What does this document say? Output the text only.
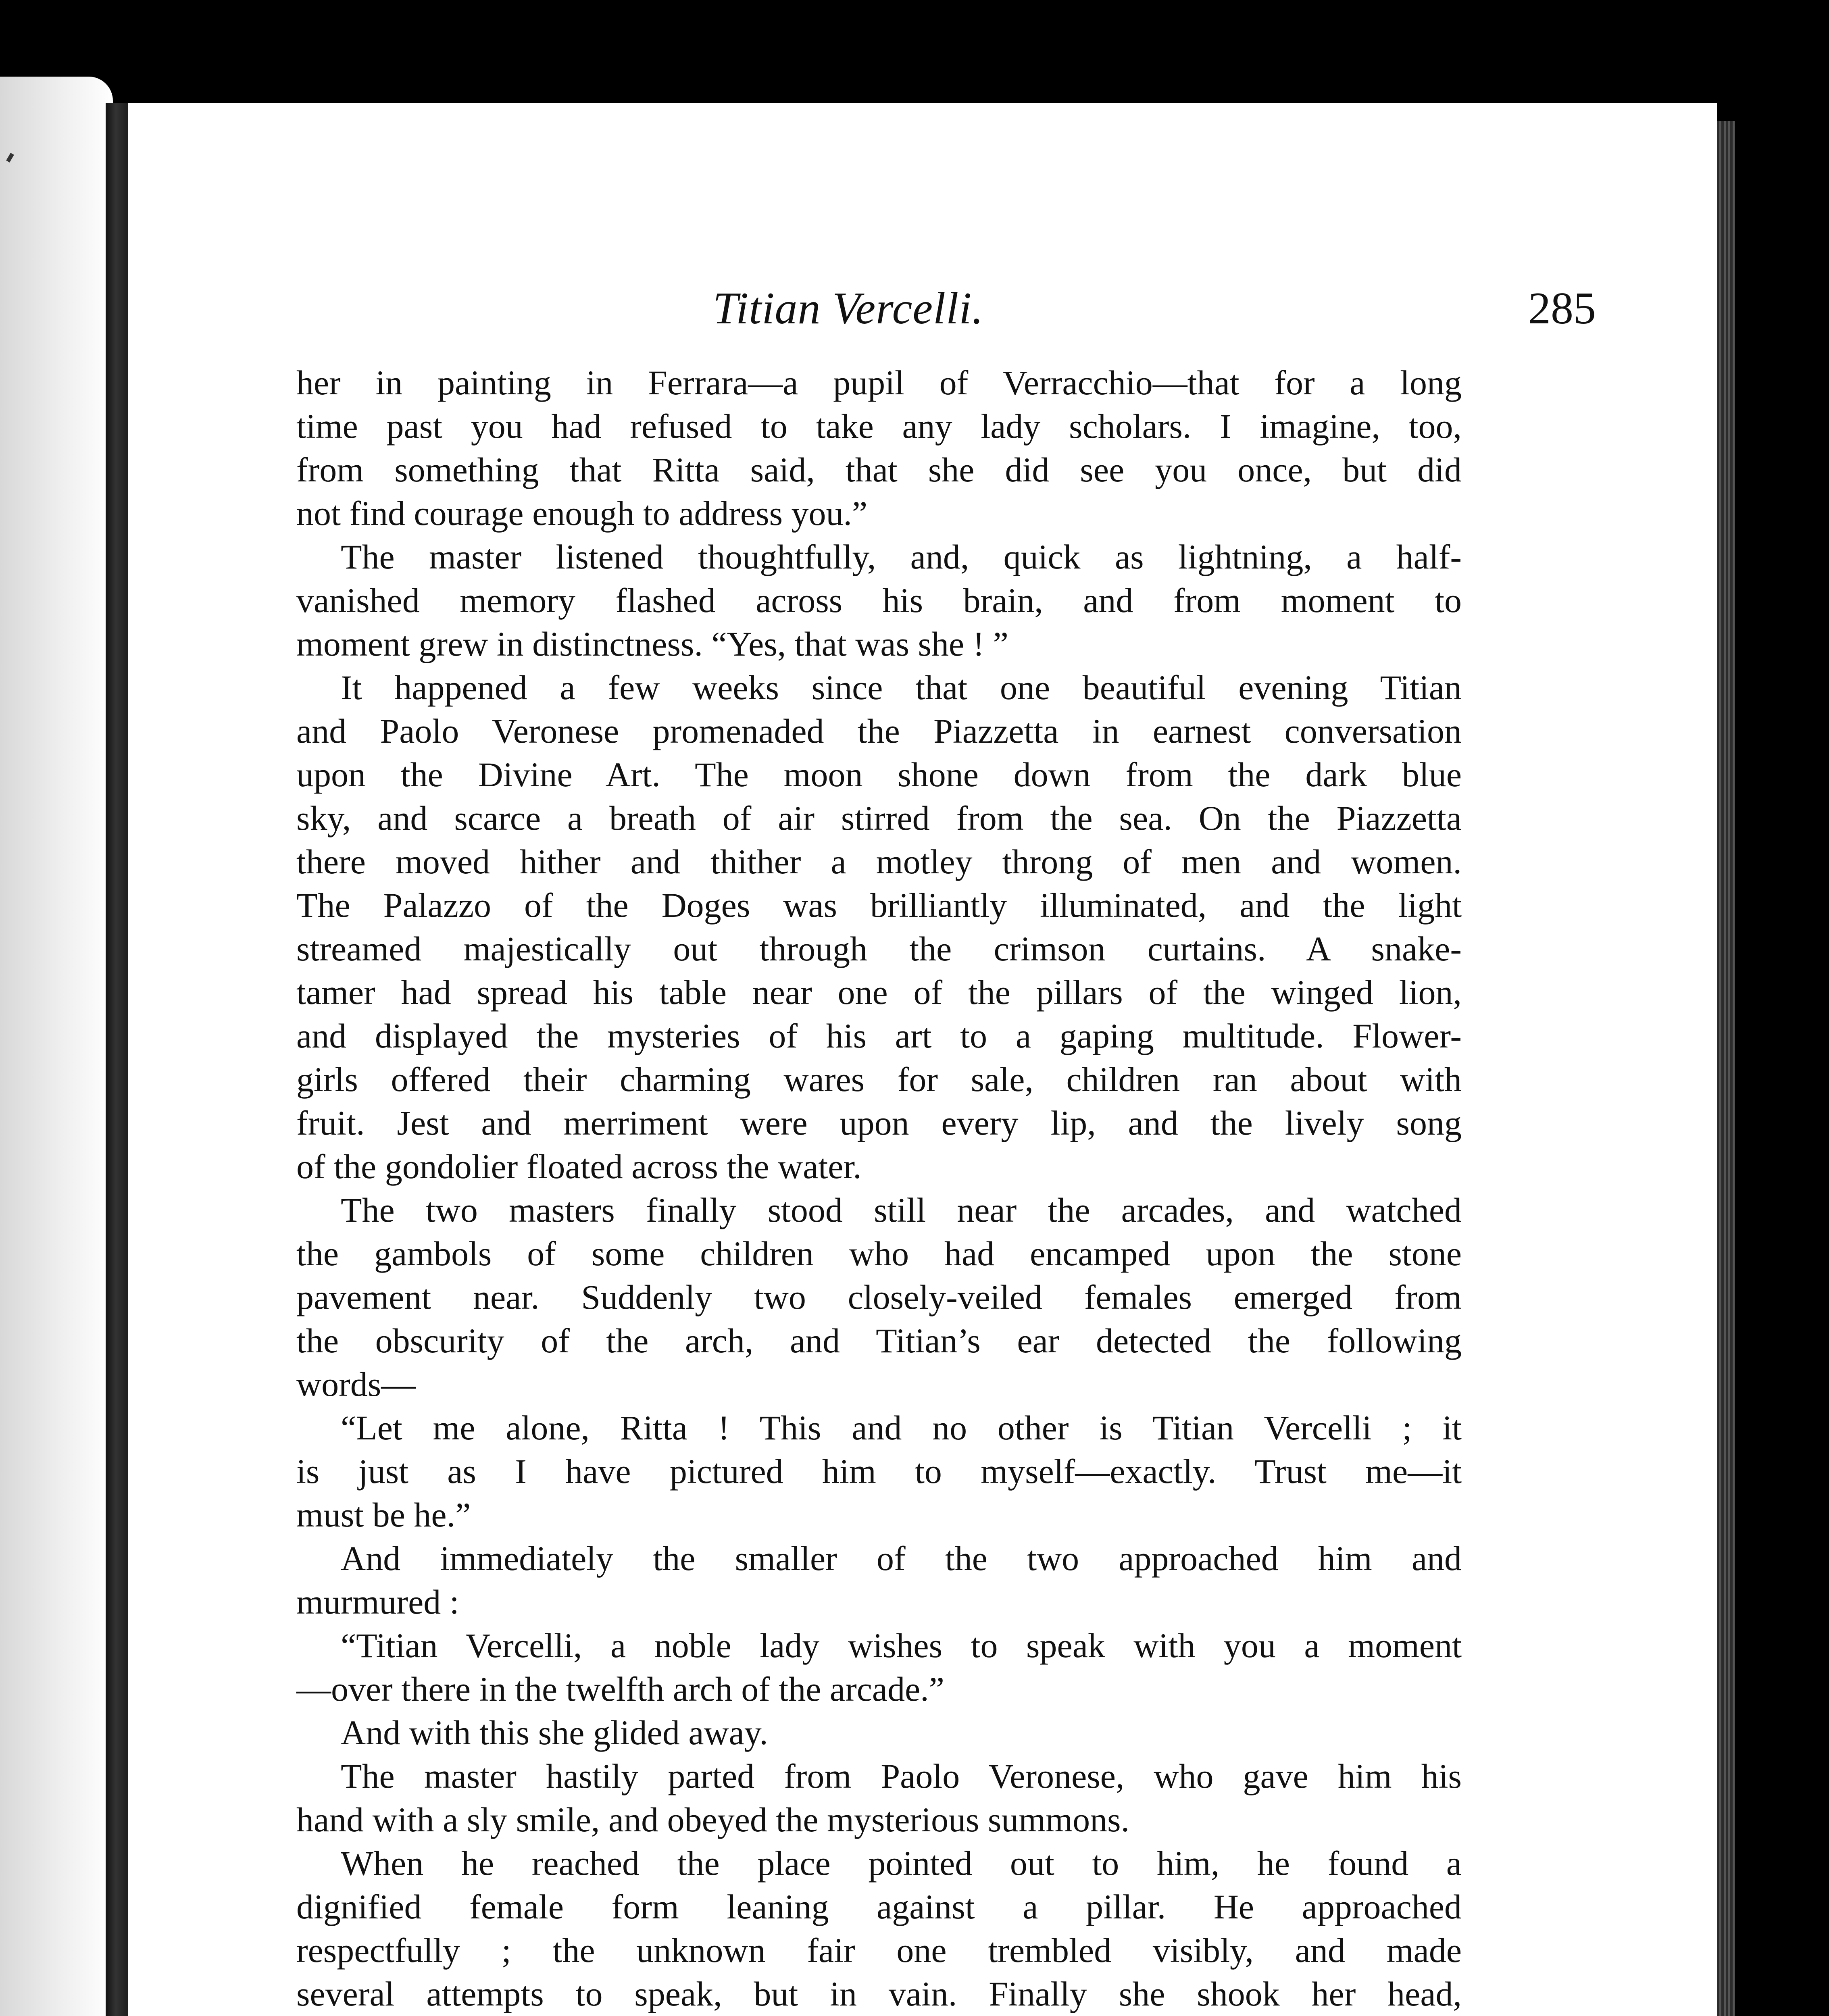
Titian Vercelli.	285
her in painting in Ferrara—a pupil of Verracchio—that for a long
time past you had refused to take any lady scholars. I imagine, too,
from something that Ritta said, that she did see you once, but did
not find courage enough to address you.”
The master listened thoughtfully, and, quick as lightning, a half-
vanished memory flashed across his brain, and from moment to
moment grew in distinctness. “Yes, that was she ! ”
It happened a few weeks since that one beautiful evening Titian
and Paolo Veronese promenaded the Piazzetta in earnest conversation
upon the Divine Art. The moon shone down from the dark blue
sky, and scarce a breath of air stirred from the sea. On the Piazzetta
there moved hither and thither a motley throng of men and women.
The Palazzo of the Doges was brilliantly illuminated, and the light
streamed majestically out through the crimson curtains. A snake-
tamer had spread his table near one of the pillars of the winged lion,
and displayed the mysteries of his art to a gaping multitude. Flower-
girls offered their charming wares for sale, children ran about with
fruit. Jest and merriment were upon every lip, and the lively song
of the gondolier floated across the water.
The two masters finally stood still near the arcades, and watched
the gambols of some children who had encamped upon the stone
pavement near. Suddenly two closely-veiled females emerged from
the obscurity of the arch, and Titian’s ear detected the following
words—
“Let me alone, Ritta ! This and no other is Titian Vercelli ; it
is just as I have pictured him to myself—exactly. Trust me—it
must be he.”
And immediately the smaller of the two approached him and
murmured :
“Titian Vercelli, a noble lady wishes to speak with you a moment
—over there in the twelfth arch of the arcade.”
And with this she glided away.
The master hastily parted from Paolo Veronese, who gave him his
hand with a sly smile, and obeyed the mysterious summons.
When he reached the place pointed out to him, he found a
dignified female form leaning against a pillar. He approached
respectfully ; the unknown fair one trembled visibly, and made
several attempts to speak, but in vain. Finally she shook her head,
